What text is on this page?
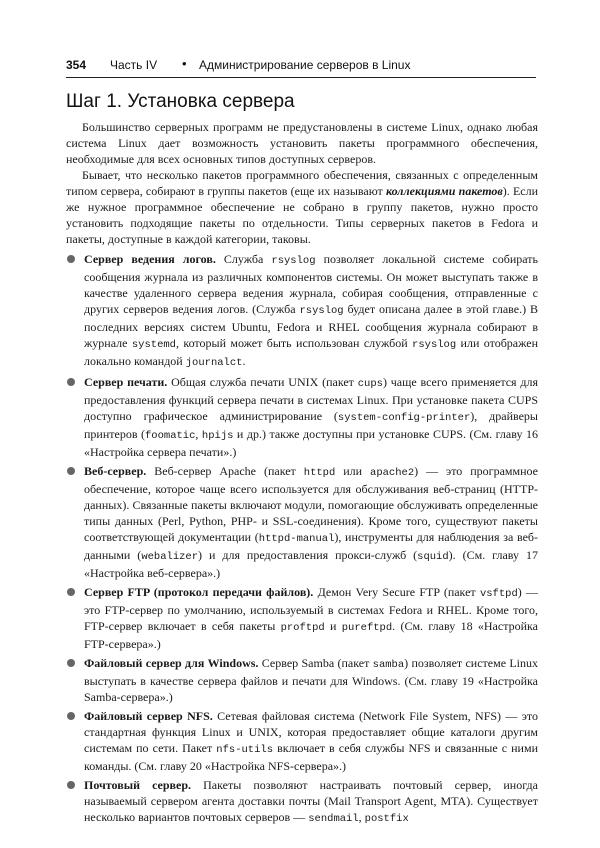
354 Часть IV • Администрирование серверов в Linux
Шаг 1. Установка сервера

Большинство серверных программ не предустановлены в системе Linux, однако любая система Linux дает возможность установить пакеты программного обеспечения, необходимые для всех основных типов доступных серверов.

Бывает, что несколько пакетов программного обеспечения, связанных с определенным типом сервера, собирают в группы пакетов (еще их называют коллекциями пакетов). Если же нужное программное обеспечение не собрано в группу пакетов, нужно просто установить подходящие пакеты по отдельности. Типы серверных пакетов в Fedora и пакеты, доступные в каждой категории, таковы.

Сервер ведения логов. Служба rsyslog позволяет локальной системе собирать сообщения журнала из различных компонентов системы. Он может выступать также в качестве удаленного сервера ведения журнала, собирая сообщения, отправленные с других серверов ведения логов. (Служба rsyslog будет описана далее в этой главе.) В последних версиях систем Ubuntu, Fedora и RHEL сообщения журнала собирают в журнале systemd, который может быть использован службой rsyslog или отображен локально командой journalct.
Сервер печати. Общая служба печати UNIX (пакет cups) чаще всего применяется для предоставления функций сервера печати в системах Linux. При установке пакета CUPS доступно графическое администрирование (system-config-printer), драйверы принтеров (foomatic, hpijs и др.) также доступны при установке CUPS. (См. главу 16 «Настройка сервера печати».)
Веб-сервер. Веб-сервер Apache (пакет httpd или apache2) — это программное обеспечение, которое чаще всего используется для обслуживания веб-страниц (HTTP-данных). Связанные пакеты включают модули, помогающие обслуживать определенные типы данных (Perl, Python, PHP- и SSL-соединения). Кроме того, существуют пакеты соответствующей документации (httpd-manual), инструменты для наблюдения за веб-данными (webalizer) и для предоставления прокси-служб (squid). (См. главу 17 «Настройка веб-сервера».)
Сервер FTP (протокол передачи файлов). Демон Very Secure FTP (пакет vsftpd) — это FTP-сервер по умолчанию, используемый в системах Fedora и RHEL. Кроме того, FTP-сервер включает в себя пакеты proftpd и pureftpd. (См. главу 18 «Настройка FTP-сервера».)
Файловый сервер для Windows. Сервер Samba (пакет samba) позволяет системе Linux выступать в качестве сервера файлов и печати для Windows. (См. главу 19 «Настройка Samba-сервера».)
Файловый сервер NFS. Сетевая файловая система (Network File System, NFS) — это стандартная функция Linux и UNIX, которая предоставляет общие каталоги другим системам по сети. Пакет nfs-utils включает в себя службы NFS и связанные с ними команды. (См. главу 20 «Настройка NFS-сервера».)
Почтовый сервер. Пакеты позволяют настраивать почтовый сервер, иногда называемый сервером агента доставки почты (Mail Transport Agent, MTA). Существует несколько вариантов почтовых серверов — sendmail, postfix
